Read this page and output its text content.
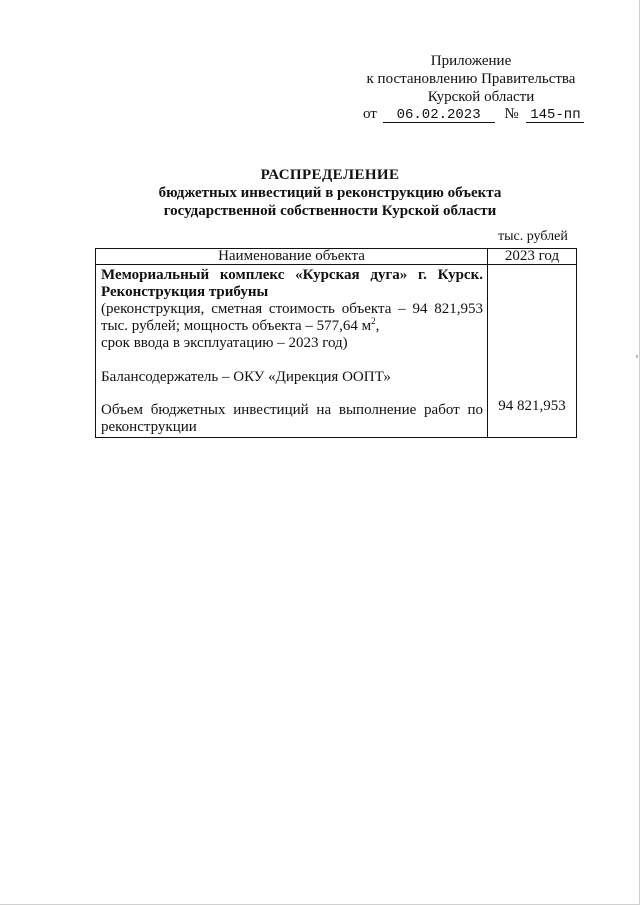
Приложение
к постановлению Правительства
Курской области
от 06.02.2023 № 145-пп
РАСПРЕДЕЛЕНИЕ
бюджетных инвестиций в реконструкцию объекта
государственной собственности Курской области
тыс. рублей
Наименование объекта	2023 год

Мемориальный комплекс «Курская дуга» г. Курск. Реконструкция трибуны
(реконструкция, сметная стоимость объекта – 94 821,953 тыс. рублей; мощность объекта – 577,64 $м^2$,
срок ввода в эксплуатацию – 2023 год)
Балансодержатель – ОКУ «Дирекция ООПТ»
Объем бюджетных инвестиций на выполнение работ по реконструкции	94 821,953
